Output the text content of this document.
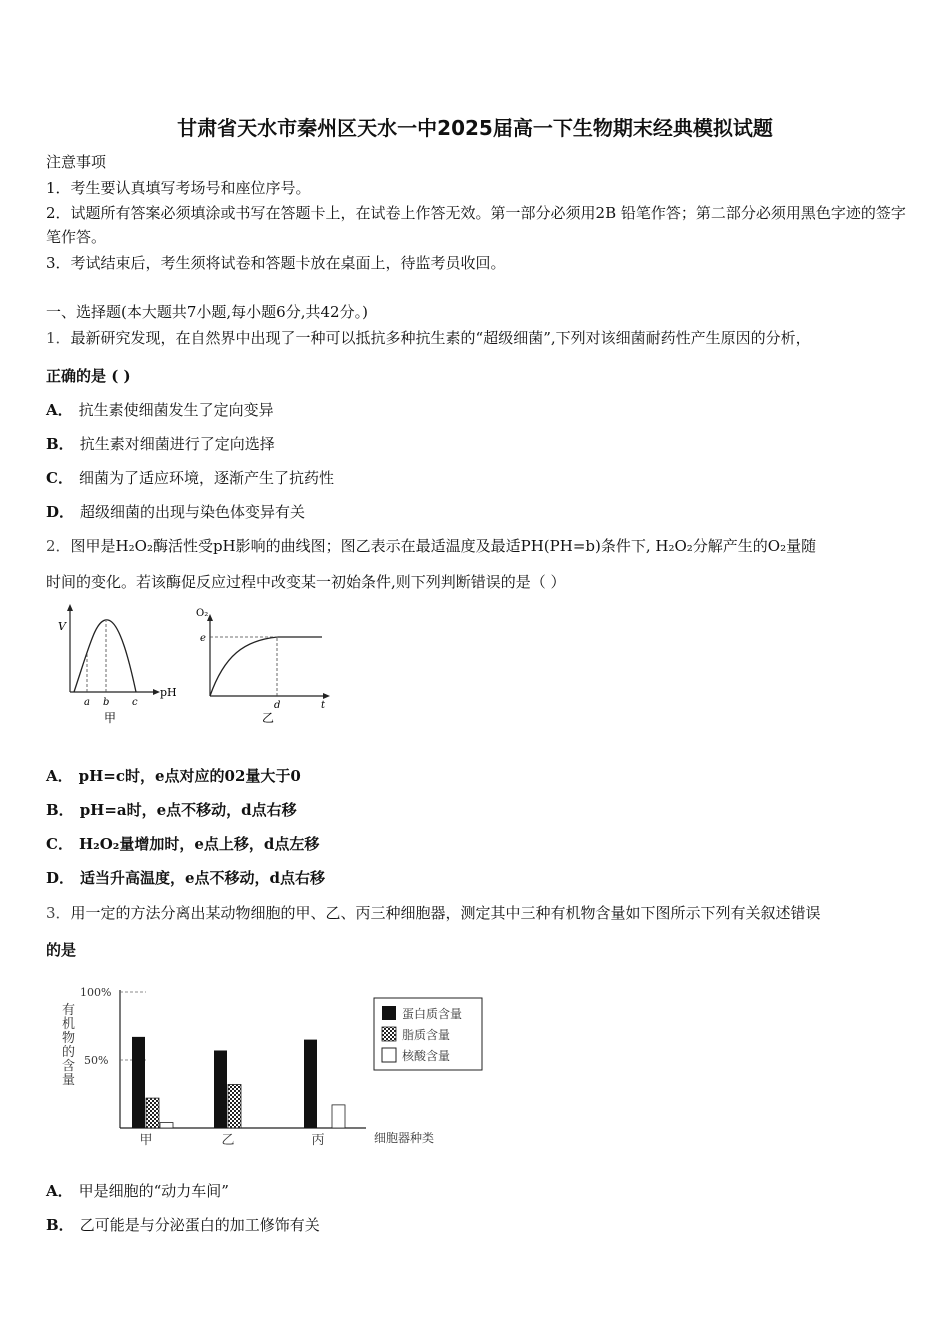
甘肃省天水市秦州区天水一中2025届高一下生物期末经典模拟试题
注意事项
1．考生要认真填写考场号和座位序号。
2．试题所有答案必须填涂或书写在答题卡上，在试卷上作答无效。第一部分必须用2B 铅笔作答；第二部分必须用黑色字迹的签字笔作答。
3．考试结束后，考生须将试卷和答题卡放在桌面上，待监考员收回。
一、选择题(本大题共7小题,每小题6分,共42分。)
1．最新研究发现，在自然界中出现了一种可以抵抗多种抗生素的“超级细菌”,下列对该细菌耐药性产生原因的分析，
正确的是 ( )
A． 抗生素使细菌发生了定向变异
B． 抗生素对细菌进行了定向选择
C． 细菌为了适应环境，逐渐产生了抗药性
D． 超级细菌的出现与染色体变异有关
2．图甲是H₂O₂酶活性受pH影响的曲线图；图乙表示在最适温度及最适PH(PH=b)条件下, H₂O₂分解产生的O₂量随
时间的变化。若该酶促反应过程中改变某一初始条件,则下列判断错误的是（ ）
V
pH
a b c
甲
O₂
e
d	t
乙
A． pH=c时，e点对应的02量大于0
B． pH=a时，e点不移动，d点右移
C． H₂O₂量增加时，e点上移，d点左移
D． 适当升高温度，e点不移动，d点右移
3．用一定的方法分离出某动物细胞的甲、乙、丙三种细胞器，测定其中三种有机物含量如下图所示下列有关叙述错误
的是
100%
50%
有机物的含量
细胞器种类
甲	乙	丙
蛋白质含量
脂质含量
核酸含量
A． 甲是细胞的“动力车间”
B． 乙可能是与分泌蛋白的加工修饰有关
